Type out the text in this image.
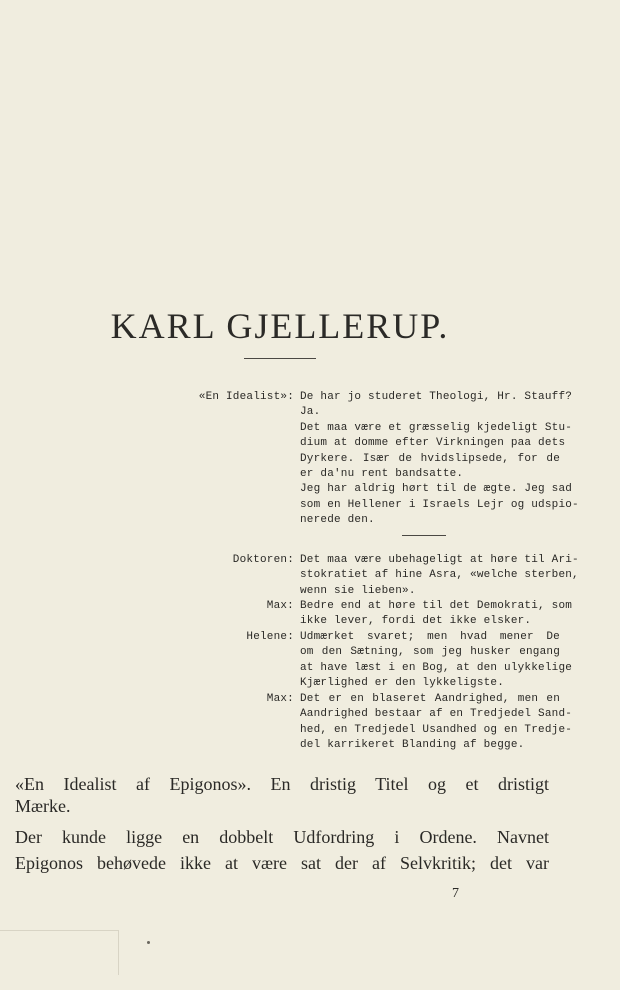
KARL GJELLERUP.
«En Idealist»: De har jo studeret Theologi, Hr. Stauff?
Ja.
Det maa være et græsselig kjedeligt Stu-
dium at domme efter Virkningen paa dets
Dyrkere. Især de hvidslipsede, for de
er da'nu rent bandsatte.
Jeg har aldrig hørt til de ægte. Jeg sad
som en Hellener i Israels Lejr og udspio-
nerede den.
Doktoren: Det maa være ubehageligt at høre til Ari-
stokratiet af hine Asra, «welche sterben,
wenn sie lieben».
Max: Bedre end at høre til det Demokrati, som
ikke lever, fordi det ikke elsker.
Helene: Udmærket svaret; men hvad mener De
om den Sætning, som jeg husker engang
at have læst i en Bog, at den ulykkelige
Kjærlighed er den lykkeligste.
Max: Det er en blaseret Aandrighed, men en
Aandrighed bestaar af en Tredjedel Sand-
hed, en Tredjedel Usandhed og en Tredje-
del karrikeret Blanding af begge.
«En Idealist af Epigonos». En dristig Titel og et dristigt
Mærke.
Der kunde ligge en dobbelt Udfordring i Ordene. Navnet
Epigonos behøvede ikke at være sat der af Selvkritik; det var
7
